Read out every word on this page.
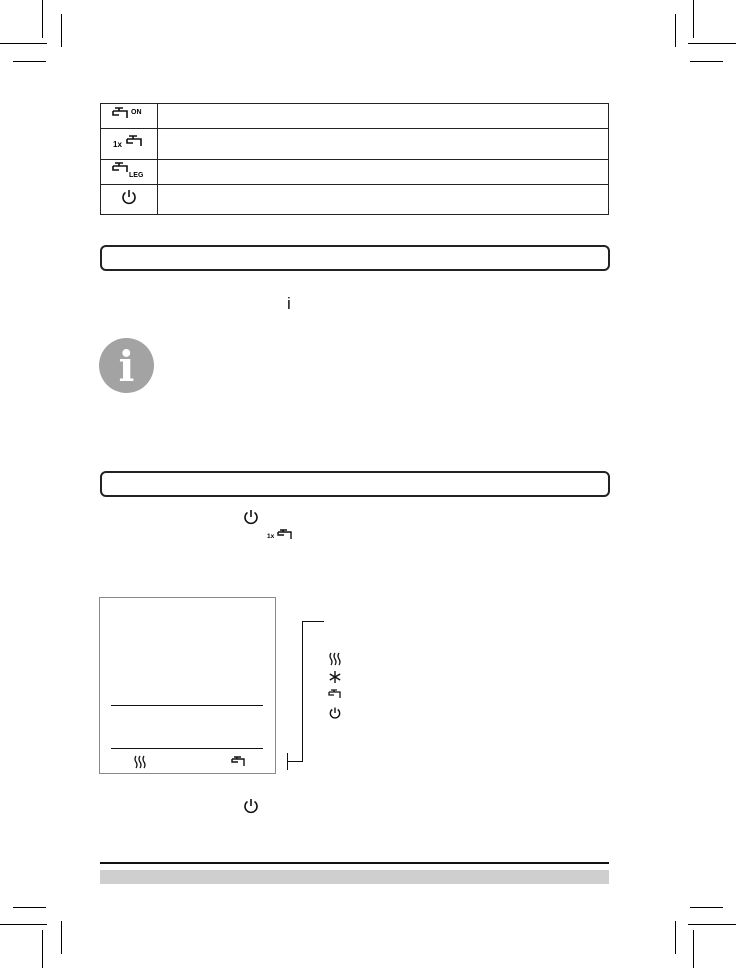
ON	

1x	

LEG	

i
i
1x
